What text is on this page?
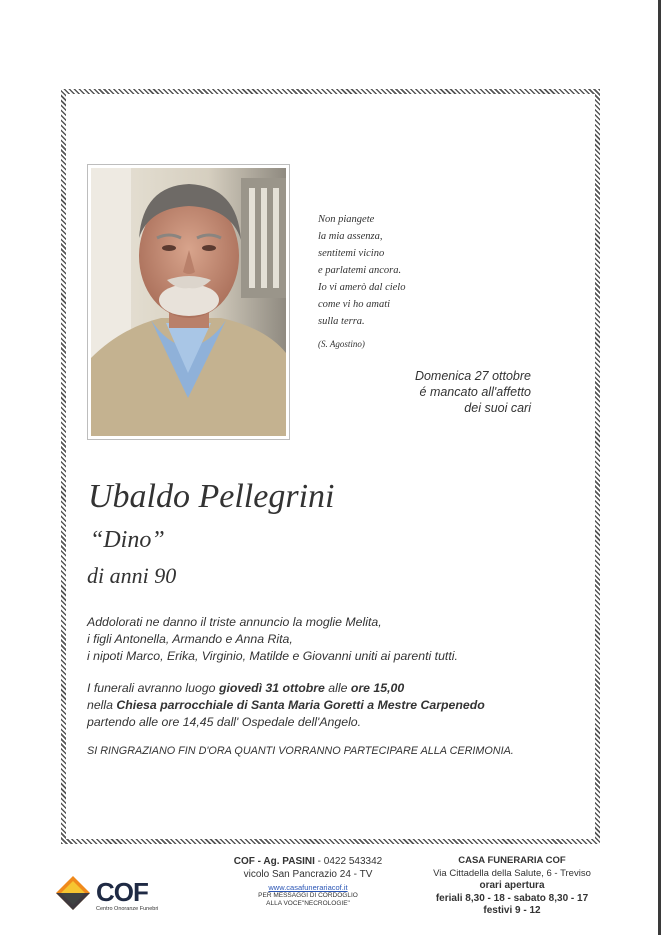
Non piangete
la mia assenza,
sentitemi vicino
e parlatemi ancora.
Io vi amerò dal cielo
come vi ho amati
sulla terra.
(S. Agostino)
Domenica 27 ottobre
é mancato all'affetto
dei suoi cari
Ubaldo Pellegrini
“Dino”
di anni 90
Addolorati ne danno il triste annuncio la moglie Melita,
i figli Antonella, Armando e Anna Rita,
i nipoti Marco, Erika, Virginio, Matilde e Giovanni uniti ai parenti tutti.
I funerali avranno luogo giovedì 31 ottobre alle ore 15,00
nella Chiesa parrocchiale di Santa Maria Goretti a Mestre Carpenedo
partendo alle ore 14,45 dall' Ospedale dell'Angelo.
SI RINGRAZIANO FIN D'ORA QUANTI VORRANNO PARTECIPARE ALLA CERIMONIA.
COF
Centro Onoranze Funebri
COF - Ag. PASINI - 0422 543342
vicolo San Pancrazio 24 - TV
www.casafunerariacof.it
PER MESSAGGI DI CORDOGLIO
ALLA VOCE"NECROLOGIE"
CASA FUNERARIA COF
Via Cittadella della Salute, 6 - Treviso
orari apertura
feriali 8,30 - 18 - sabato 8,30 - 17
festivi 9 - 12
